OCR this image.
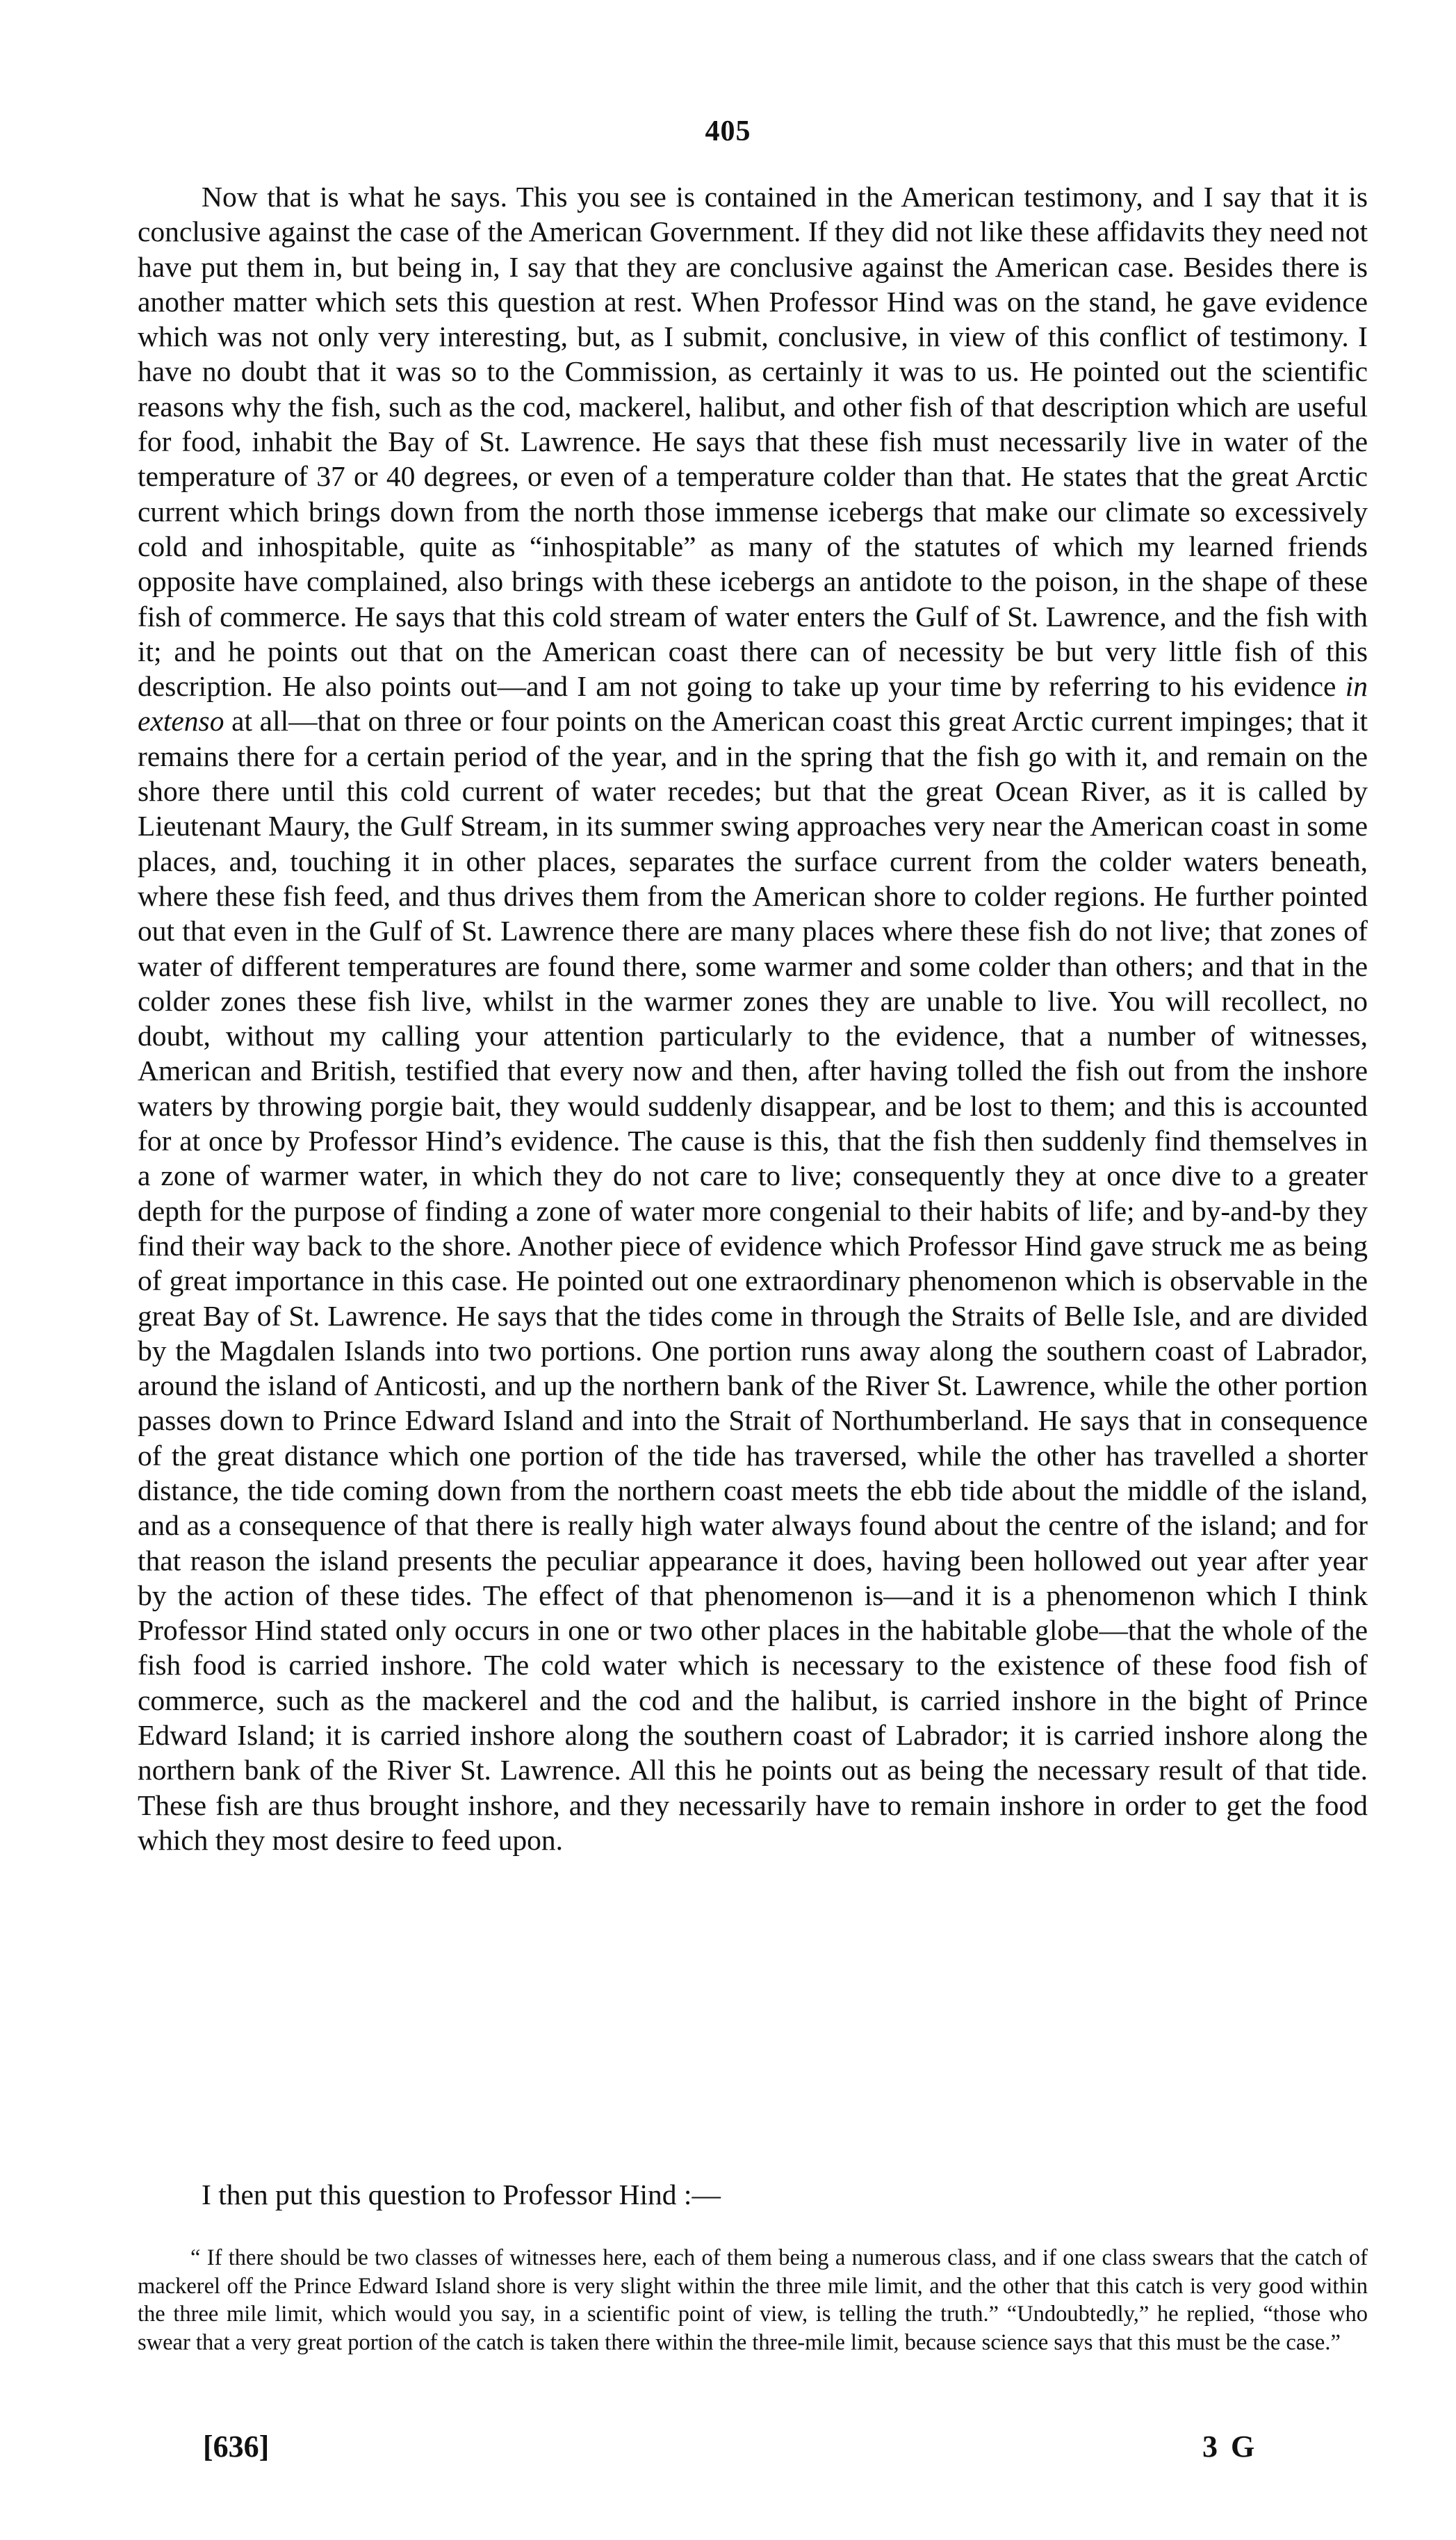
405

Now that is what he says. This you see is contained in the American testimony, and I say that it is conclusive against the case of the American Government. If they did not like these affidavits they need not have put them in, but being in, I say that they are conclusive against the American case. Besides there is another matter which sets this question at rest. When Professor Hind was on the stand, he gave evidence which was not only very interesting, but, as I submit, conclusive, in view of this conflict of testimony. I have no doubt that it was so to the Commission, as certainly it was to us. He pointed out the scientific reasons why the fish, such as the cod, mackerel, halibut, and other fish of that description which are useful for food, inhabit the Bay of St. Lawrence. He says that these fish must necessarily live in water of the temperature of 37 or 40 degrees, or even of a temperature colder than that. He states that the great Arctic current which brings down from the north those immense icebergs that make our climate so excessively cold and inhospitable, quite as “inhospitable” as many of the statutes of which my learned friends opposite have complained, also brings with these icebergs an antidote to the poison, in the shape of these fish of commerce. He says that this cold stream of water enters the Gulf of St. Lawrence, and the fish with it; and he points out that on the American coast there can of necessity be but very little fish of this description. He also points out—and I am not going to take up your time by referring to his evidence in extenso at all—that on three or four points on the American coast this great Arctic current impinges; that it remains there for a certain period of the year, and in the spring that the fish go with it, and remain on the shore there until this cold current of water recedes; but that the great Ocean River, as it is called by Lieutenant Maury, the Gulf Stream, in its summer swing approaches very near the American coast in some places, and, touching it in other places, separates the surface current from the colder waters beneath, where these fish feed, and thus drives them from the American shore to colder regions. He further pointed out that even in the Gulf of St. Lawrence there are many places where these fish do not live; that zones of water of different temperatures are found there, some warmer and some colder than others; and that in the colder zones these fish live, whilst in the warmer zones they are unable to live. You will recollect, no doubt, without my calling your attention particularly to the evidence, that a number of witnesses, American and British, testified that every now and then, after having tolled the fish out from the inshore waters by throwing porgie bait, they would suddenly disappear, and be lost to them; and this is accounted for at once by Professor Hind’s evidence. The cause is this, that the fish then suddenly find themselves in a zone of warmer water, in which they do not care to live; consequently they at once dive to a greater depth for the purpose of finding a zone of water more congenial to their habits of life; and by-and-by they find their way back to the shore. Another piece of evidence which Professor Hind gave struck me as being of great importance in this case. He pointed out one extraordinary phenomenon which is observable in the great Bay of St. Lawrence. He says that the tides come in through the Straits of Belle Isle, and are divided by the Magdalen Islands into two portions. One portion runs away along the southern coast of Labrador, around the island of Anticosti, and up the northern bank of the River St. Lawrence, while the other portion passes down to Prince Edward Island and into the Strait of Northumberland. He says that in consequence of the great distance which one portion of the tide has traversed, while the other has travelled a shorter distance, the tide coming down from the northern coast meets the ebb tide about the middle of the island, and as a consequence of that there is really high water always found about the centre of the island; and for that reason the island presents the peculiar appearance it does, having been hollowed out year after year by the action of these tides. The effect of that phenomenon is—and it is a phenomenon which I think Professor Hind stated only occurs in one or two other places in the habitable globe—that the whole of the fish food is carried inshore. The cold water which is necessary to the existence of these food fish of commerce, such as the mackerel and the cod and the halibut, is carried inshore in the bight of Prince Edward Island; it is carried inshore along the southern coast of Labrador; it is carried inshore along the northern bank of the River St. Lawrence. All this he points out as being the necessary result of that tide. These fish are thus brought inshore, and they necessarily have to remain inshore in order to get the food which they most desire to feed upon.

I then put this question to Professor Hind :—

“ If there should be two classes of witnesses here, each of them being a numerous class, and if one class swears that the catch of mackerel off the Prince Edward Island shore is very slight within the three mile limit, and the other that this catch is very good within the three mile limit, which would you say, in a scientific point of view, is telling the truth.” “Undoubtedly,” he replied, “those who swear that a very great portion of the catch is taken there within the three-mile limit, because science says that this must be the case.”

[636]	3 G
